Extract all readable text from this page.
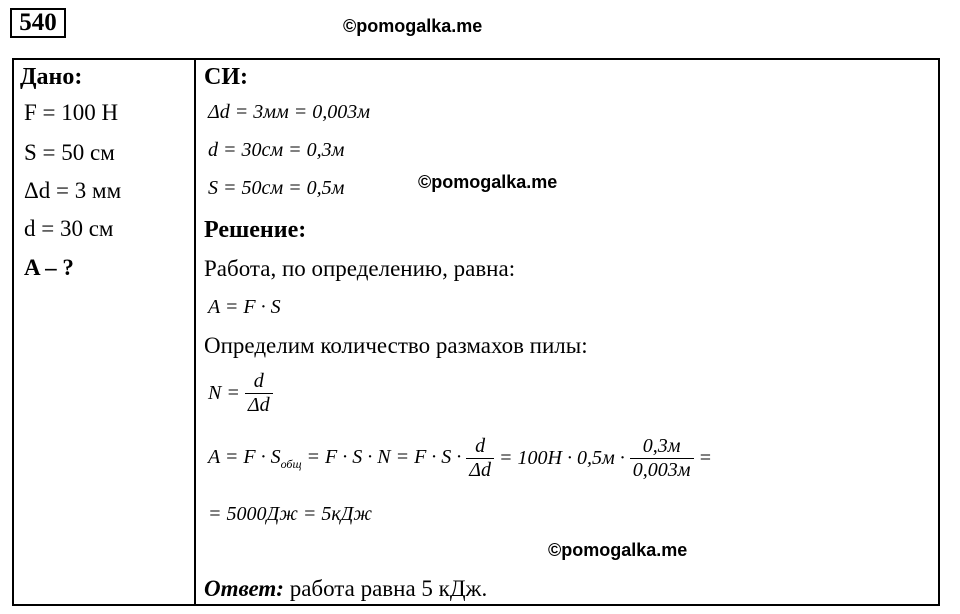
540	©pomogalka.me
Дано:
F = 100 Н
S = 50 см
Δd = 3 мм
d = 30 см
A – ?
СИ:
Δd = 3мм = 0,003м
d = 30см = 0,3м
S = 50см = 0,5м	©pomogalka.me
Решение:
Работа, по определению, равна:
A = F · S
Определим количество размахов пилы:
$N = \frac{d}{\Delta d}$
$A = F \cdot S_{общ} = F \cdot S \cdot N = F \cdot S \cdot \frac{d}{\Delta d} = 100H \cdot 0,5м \cdot \frac{0,3м}{0,003м}$ =
= 5000Дж = 5кДж
©pomogalka.me
Ответ: работа равна 5 кДж.
